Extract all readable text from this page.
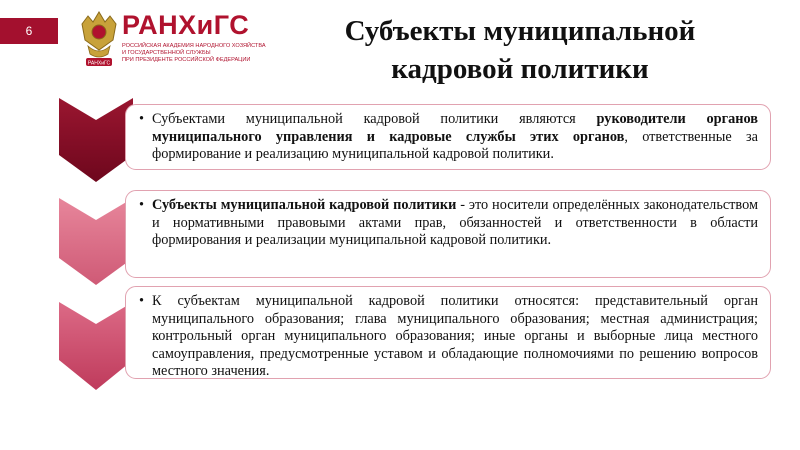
6
РАНХиГС
РАНХиГС
РОССИЙСКАЯ АКАДЕМИЯ НАРОДНОГО ХОЗЯЙСТВА
И ГОСУДАРСТВЕННОЙ СЛУЖБЫ
ПРИ ПРЕЗИДЕНТЕ РОССИЙСКОЙ ФЕДЕРАЦИИ
Субъекты муниципальной
кадровой политики
• Субъектами муниципальной кадровой политики являются руководители органов муниципального управления и кадровые службы этих органов, ответственные за формирование и реализацию муниципальной кадровой политики.
• Субъекты муниципальной кадровой политики - это носители определённых законодательством и нормативными правовыми актами прав, обязанностей и ответственности в области формирования и реализации муниципальной кадровой политики.
• К субъектам муниципальной кадровой политики относятся: представительный орган муниципального образования; глава муниципального образования; местная администрация; контрольный орган муниципального образования; иные органы и выборные лица местного самоуправления, предусмотренные уставом и обладающие полномочиями по решению вопросов местного значения.
